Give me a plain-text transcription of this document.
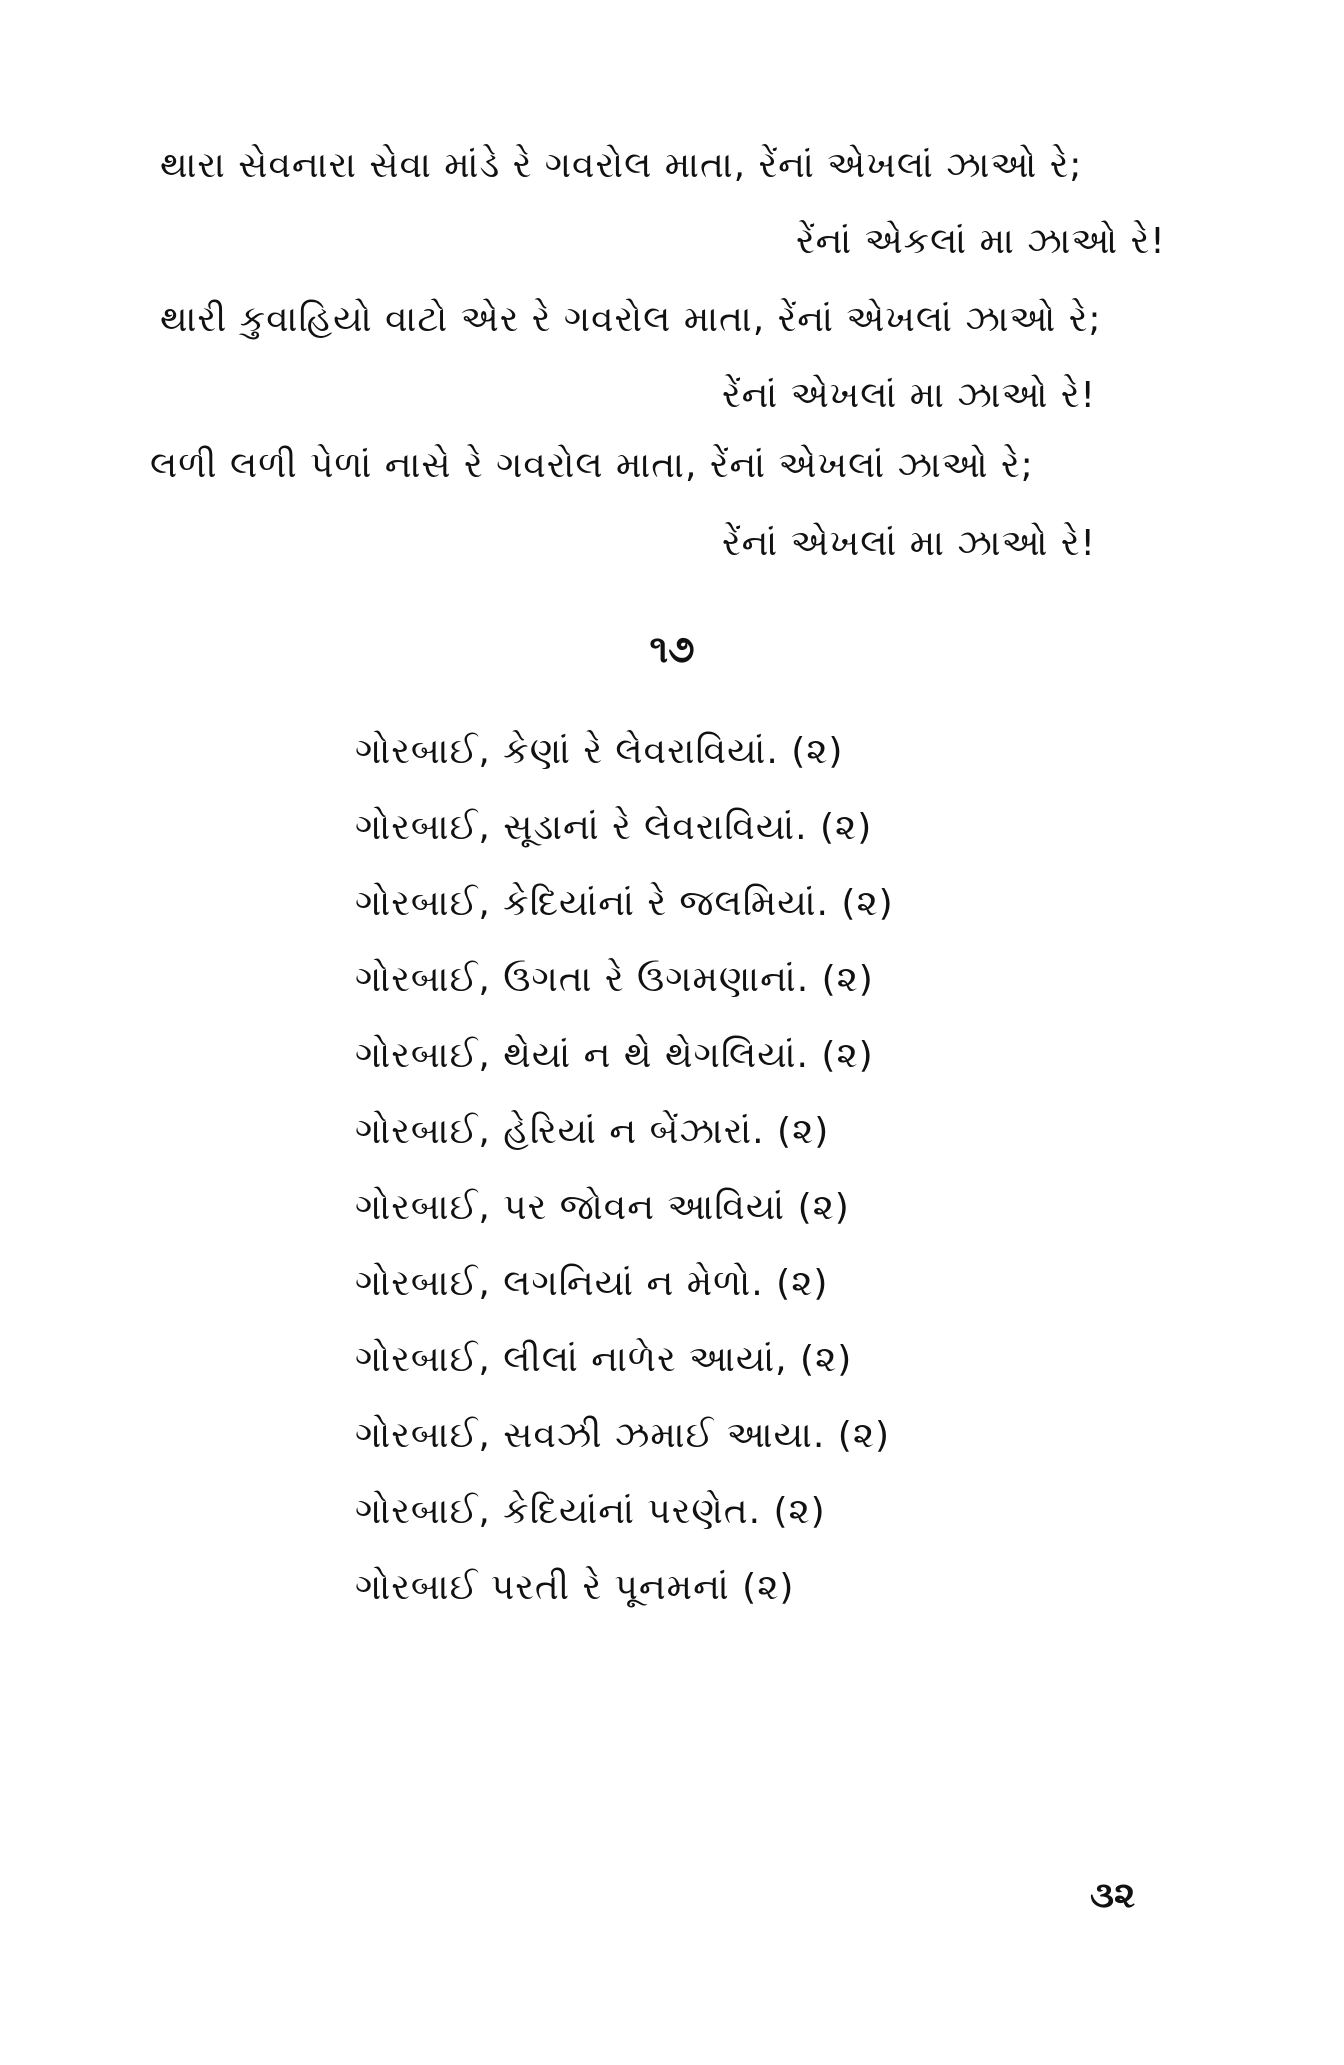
થારા સેવનારા સેવા માંડે રે ગવરોલ માતા, રેંનાં એખલાં ઝાઓ રે;
રેંનાં એકલાં મા ઝાઓ રે!
થારી કુવાહિયો વાટો એર રે ગવરોલ માતા, રેંનાં એખલાં ઝાઓ રે;
રેંનાં એખલાં મા ઝાઓ રે!
લળી લળી પેળાં નાસે રે ગવરોલ માતા, રેંનાં એખલાં ઝાઓ રે;
રેંનાં એખલાં મા ઝાઓ રે!
૧૭
ગોરબાઈ, કેણાં રે લેવરાવિયાં. (૨)
ગોરબાઈ, સૂડાનાં રે લેવરાવિયાં. (૨)
ગોરબાઈ, કેદિયાંનાં રે જલમિયાં. (૨)
ગોરબાઈ, ઉગતા રે ઉગમણાનાં. (૨)
ગોરબાઈ, થેયાં ન થે થેગલિયાં. (૨)
ગોરબાઈ, હેરિયાં ન બેંઝારાં. (૨)
ગોરબાઈ, પર જોવન આવિયાં (૨)
ગોરબાઈ, લગનિયાં ન મેળો. (૨)
ગોરબાઈ, લીલાં નાળેર આયાં, (૨)
ગોરબાઈ, સવઝી ઝમાઈ આયા. (૨)
ગોરબાઈ, કેદિયાંનાં પરણેત. (૨)
ગોરબાઈ પરતી રે પૂનમનાં (૨)
૩૨
